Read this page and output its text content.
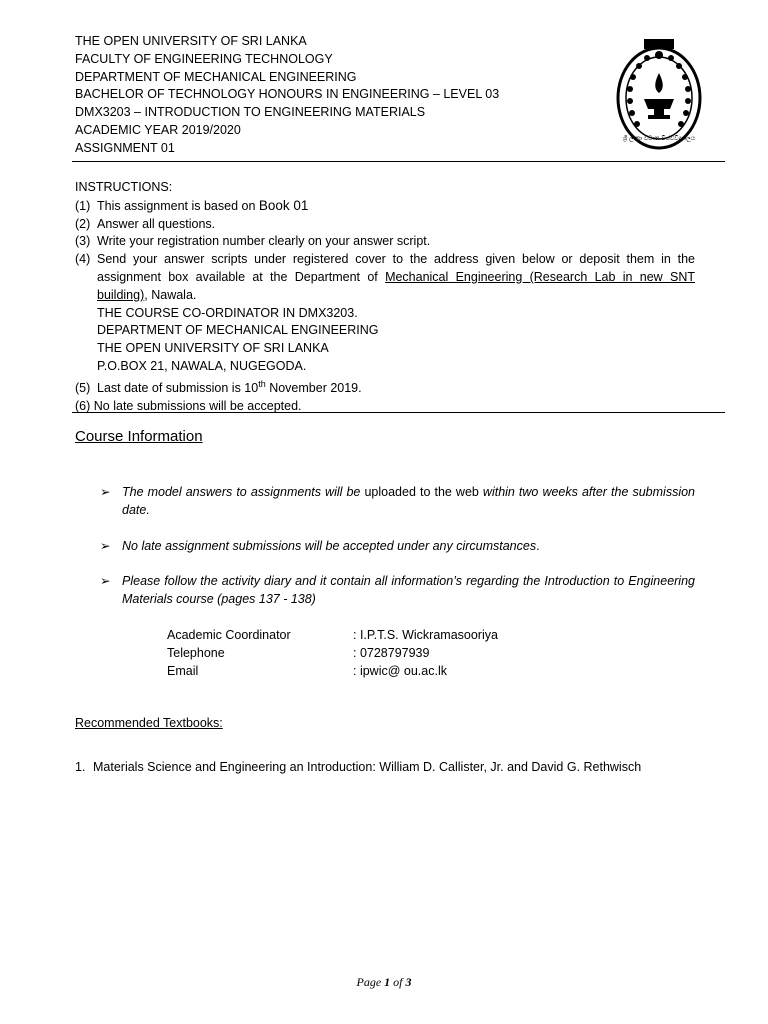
THE OPEN UNIVERSITY OF SRI LANKA
FACULTY OF ENGINEERING TECHNOLOGY
DEPARTMENT OF MECHANICAL ENGINEERING
BACHELOR OF TECHNOLOGY HONOURS IN ENGINEERING – LEVEL 03
DMX3203 – INTRODUCTION TO ENGINEERING MATERIALS
ACADEMIC YEAR 2019/2020
ASSIGNMENT 01
ශ්‍රී ලංකා විවෘත විශ්වවිද්‍යාලය
INSTRUCTIONS:
(1) This assignment is based on Book 01
(2) Answer all questions.
(3) Write your registration number clearly on your answer script.
(4) Send your answer scripts under registered cover to the address given below or deposit them in the assignment box available at the Department of Mechanical Engineering (Research Lab in new SNT building), Nawala.
THE COURSE CO-ORDINATOR IN DMX3203.
DEPARTMENT OF MECHANICAL ENGINEERING
THE OPEN UNIVERSITY OF SRI LANKA
P.O.BOX 21, NAWALA, NUGEGODA.
(5) Last date of submission is 10th November 2019.
(6) No late submissions will be accepted.
Course Information
➢ The model answers to assignments will be uploaded to the web within two weeks after the submission date.
➢ No late assignment submissions will be accepted under any circumstances.
➢ Please follow the activity diary and it contain all information’s regarding the Introduction to Engineering Materials course (pages 137 - 138)
Academic Coordinator	: I.P.T.S. Wickramasooriya
Telephone	: 0728797939
Email	: ipwic@ ou.ac.lk
Recommended Textbooks:
1. Materials Science and Engineering an Introduction: William D. Callister, Jr. and David G. Rethwisch
Page 1 of 3
